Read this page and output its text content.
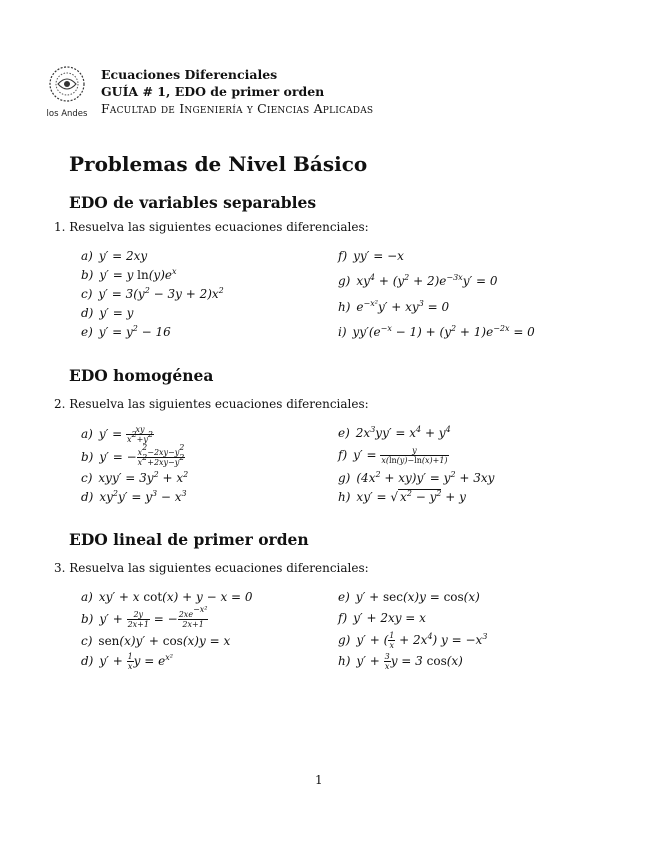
los Andes
Ecuaciones Diferenciales
GUÍA # 1, EDO de primer orden
Facultad de Ingeniería y Ciencias Aplicadas
Problemas de Nivel Básico
EDO de variables separables
1. Resuelva las siguientes ecuaciones diferenciales:
a) y′ = 2xy
b) y′ = y $\ln(y)e^x$
c) $y' = 3(y^2 - 3y + 2)x^2$
d) y′ = y
e) $y' = y^2 - 16$
f) yy′ = −x
g) $xy^4 + (y^2 + 2)e^{-3x}y' = 0$
h) $e^{-x^2}y' + xy^3 = 0$
i) $yy'(e^{-x} - 1) + (y^2 + 1)e^{-2x} = 0$
EDO homogénea
2. Resuelva las siguientes ecuaciones diferenciales:
a) $y' = \frac{xy}{x^2+y^2}$
b) y′ = − $\frac{x^2-2xy-y^2}{x^2+2xy-y^2}$
c) $xyy' = 3y^2 + x^2$
d) $xy^2y' = y^3 - x^3$
e) $2x^3yy' = x^4 + y^4$
f) $y' = \frac{y}{x(\ln(y)-\ln(x)+1)}$
g) $(4x^2 + xy)y' = y^2 + 3xy$
h) xy′ = √ $x^2 - y^2 + y$
EDO lineal de primer orden
3. Resuelva las siguientes ecuaciones diferenciales:
a) xy′ + x cot(x) + y − x = 0
b) $y' + \frac{2y}{2x+1}$ = − $\frac{2xe^{-x^2}}{2x+1}$
c) sen(x)y′ + cos(x)y = x
d) $y' + \frac{1}{x}$ $y = e^{x^2}$
e) y′ + sec(x)y = cos(x)
f) y′ + 2xy = x
g) y′ + ( $\frac{1}{x} + 2x^4$) $y = -x^3$
h) $y' + \frac{3}{x}$ y = 3 cos(x)
1
